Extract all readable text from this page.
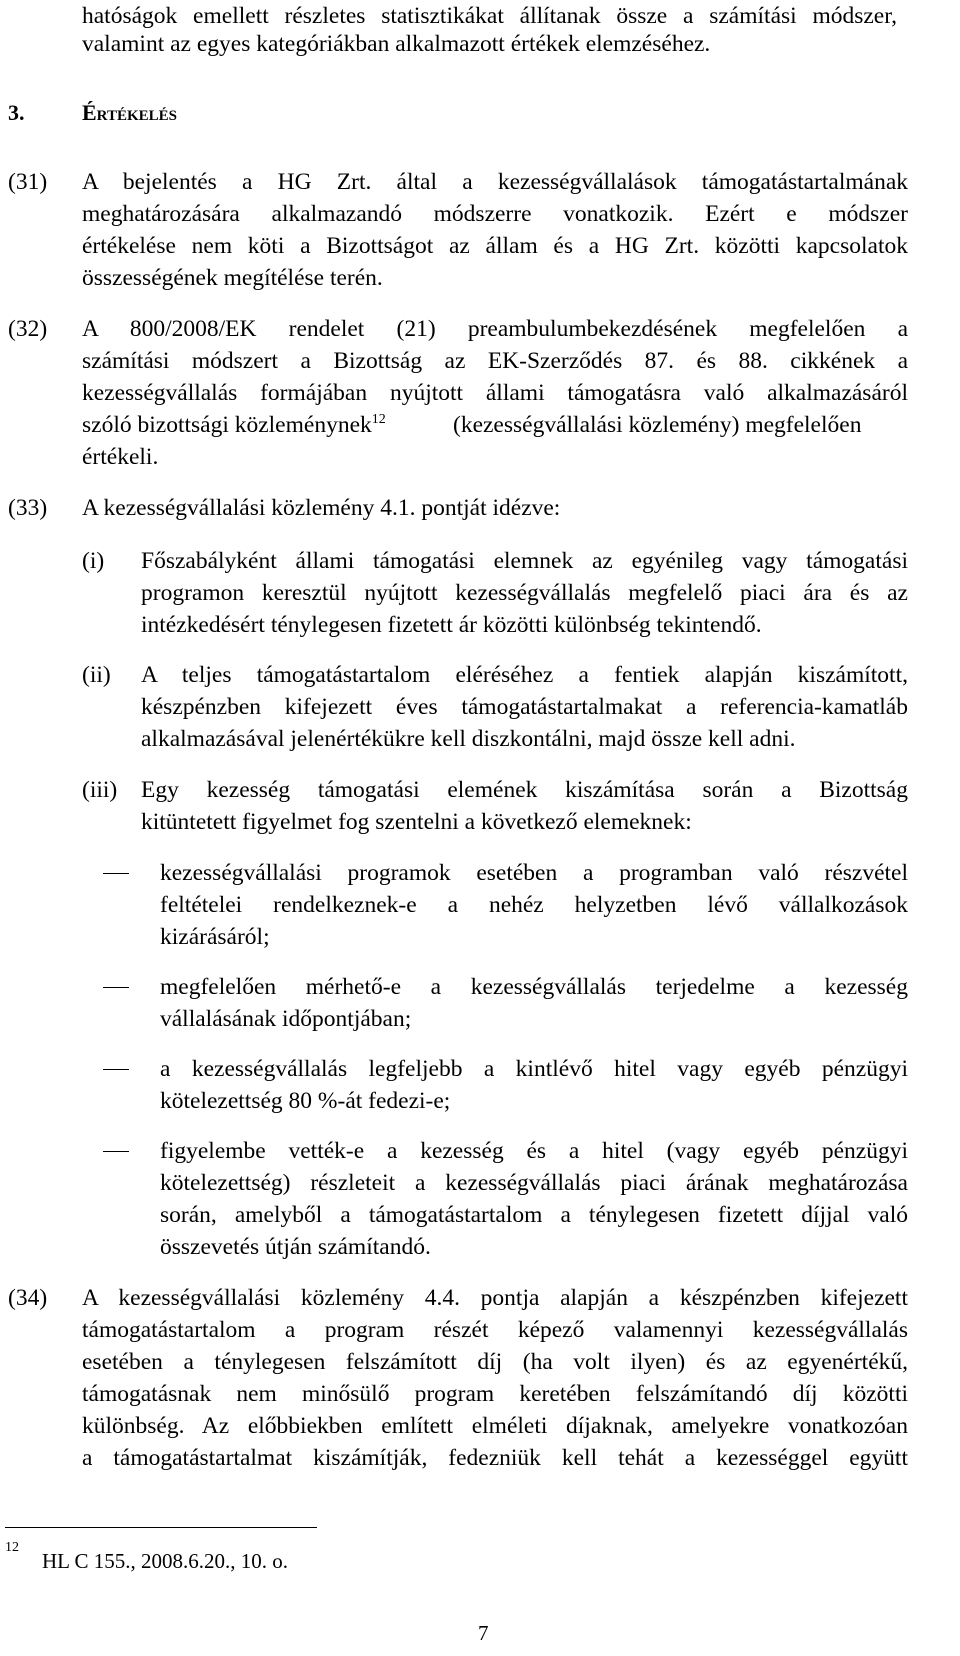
hatóságok emellett részletes statisztikákat állítanak össze a számítási módszer,
valamint az egyes kategóriákban alkalmazott értékek elemzéséhez.
3.	Értékelés
(31) A bejelentés a HG Zrt. által a kezességvállalások támogatástartalmának
meghatározására alkalmazandó módszerre vonatkozik. Ezért e módszer
értékelése nem köti a Bizottságot az állam és a HG Zrt. közötti kapcsolatok
összességének megítélése terén.
(32) A 800/2008/EK rendelet (21) preambulumbekezdésének megfelelően a
számítási módszert a Bizottság az EK-Szerződés 87. és 88. cikkének a
kezességvállalás formájában nyújtott állami támogatásra való alkalmazásáról
szóló bizottsági közleménynek$^{12}$	(kezességvállalási közlemény) megfelelően
értékeli.
(33) A kezességvállalási közlemény 4.1. pontját idézve:
(i) Főszabályként állami támogatási elemnek az egyénileg vagy támogatási
programon keresztül nyújtott kezességvállalás megfelelő piaci ára és az
intézkedésért ténylegesen fizetett ár közötti különbség tekintendő.
(ii) A teljes támogatástartalom eléréséhez a fentiek alapján kiszámított,
készpénzben kifejezett éves támogatástartalmakat a referencia-kamatláb
alkalmazásával jelenértékükre kell diszkontálni, majd össze kell adni.
(iii) Egy kezesség támogatási elemének kiszámítása során a Bizottság
kitüntetett figyelmet fog szentelni a következő elemeknek:
kezességvállalási programok esetében a programban való részvétel
feltételei rendelkeznek-e a nehéz helyzetben lévő vállalkozások
kizárásáról;
megfelelően mérhető-e a kezességvállalás terjedelme a kezesség
vállalásának időpontjában;
a kezességvállalás legfeljebb a kintlévő hitel vagy egyéb pénzügyi
kötelezettség 80 %-át fedezi-e;
figyelembe vették-e a kezesség és a hitel (vagy egyéb pénzügyi
kötelezettség) részleteit a kezességvállalás piaci árának meghatározása
során, amelyből a támogatástartalom a ténylegesen fizetett díjjal való
összevetés útján számítandó.
(34) A kezességvállalási közlemény 4.4. pontja alapján a készpénzben kifejezett
támogatástartalom a program részét képező valamennyi kezességvállalás
esetében a ténylegesen felszámított díj (ha volt ilyen) és az egyenértékű,
támogatásnak nem minősülő program keretében felszámítandó díj közötti
különbség. Az előbbiekben említett elméleti díjaknak, amelyekre vonatkozóan
a támogatástartalmat kiszámítják, fedezniük kell tehát a kezességgel együtt
12
HL C 155., 2008.6.20., 10. o.
7
